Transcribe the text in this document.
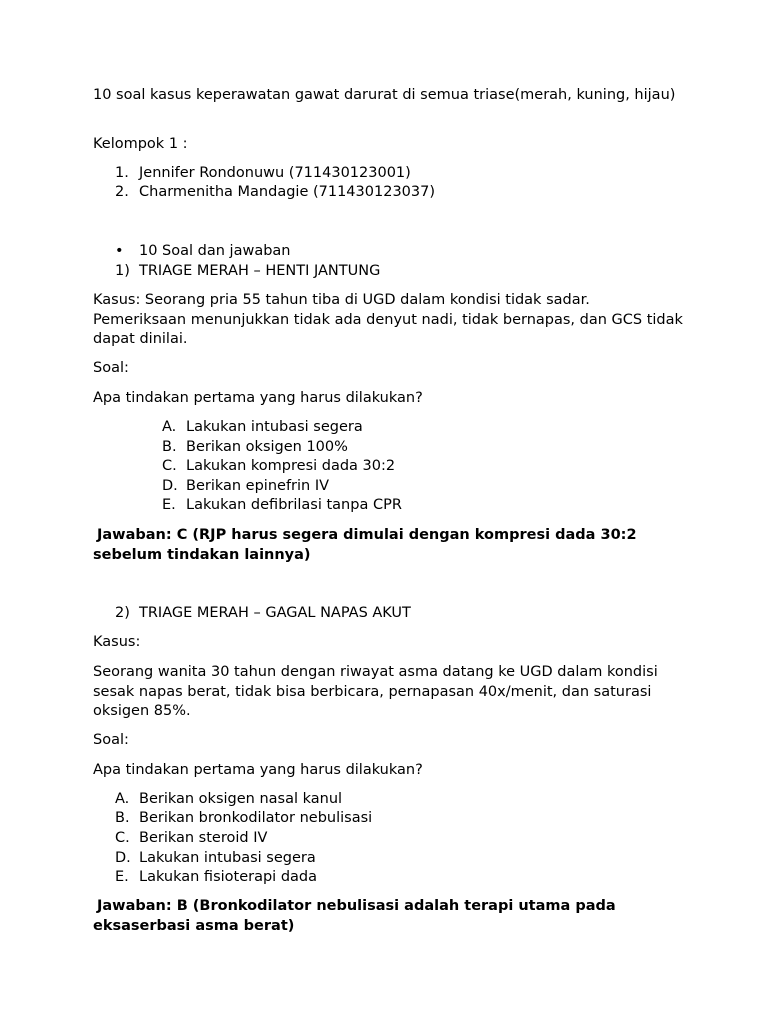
10 soal kasus keperawatan gawat darurat di semua triase(merah, kuning, hijau)

Kelompok 1 :

1. Jennifer Rondonuwu (711430123001)
2. Charmenitha Mandagie (711430123037)
• 10 Soal dan jawaban
1) TRIAGE MERAH – HENTI JANTUNG

Kasus: Seorang pria 55 tahun tiba di UGD dalam kondisi tidak sadar. Pemeriksaan menunjukkan tidak ada denyut nadi, tidak bernapas, dan GCS tidak dapat dinilai.

Soal:

Apa tindakan pertama yang harus dilakukan?

A. Lakukan intubasi segera
B. Berikan oksigen 100%
C. Lakukan kompresi dada 30:2
D. Berikan epinefrin IV
E. Lakukan defibrilasi tanpa CPR

Jawaban: C (RJP harus segera dimulai dengan kompresi dada 30:2 sebelum tindakan lainnya)

2) TRIAGE MERAH – GAGAL NAPAS AKUT

Kasus:

Seorang wanita 30 tahun dengan riwayat asma datang ke UGD dalam kondisi sesak napas berat, tidak bisa berbicara, pernapasan 40x/menit, dan saturasi oksigen 85%.

Soal:

Apa tindakan pertama yang harus dilakukan?

A. Berikan oksigen nasal kanul
B. Berikan bronkodilator nebulisasi
C. Berikan steroid IV
D. Lakukan intubasi segera
E. Lakukan fisioterapi dada

Jawaban: B (Bronkodilator nebulisasi adalah terapi utama pada eksaserbasi asma berat)
